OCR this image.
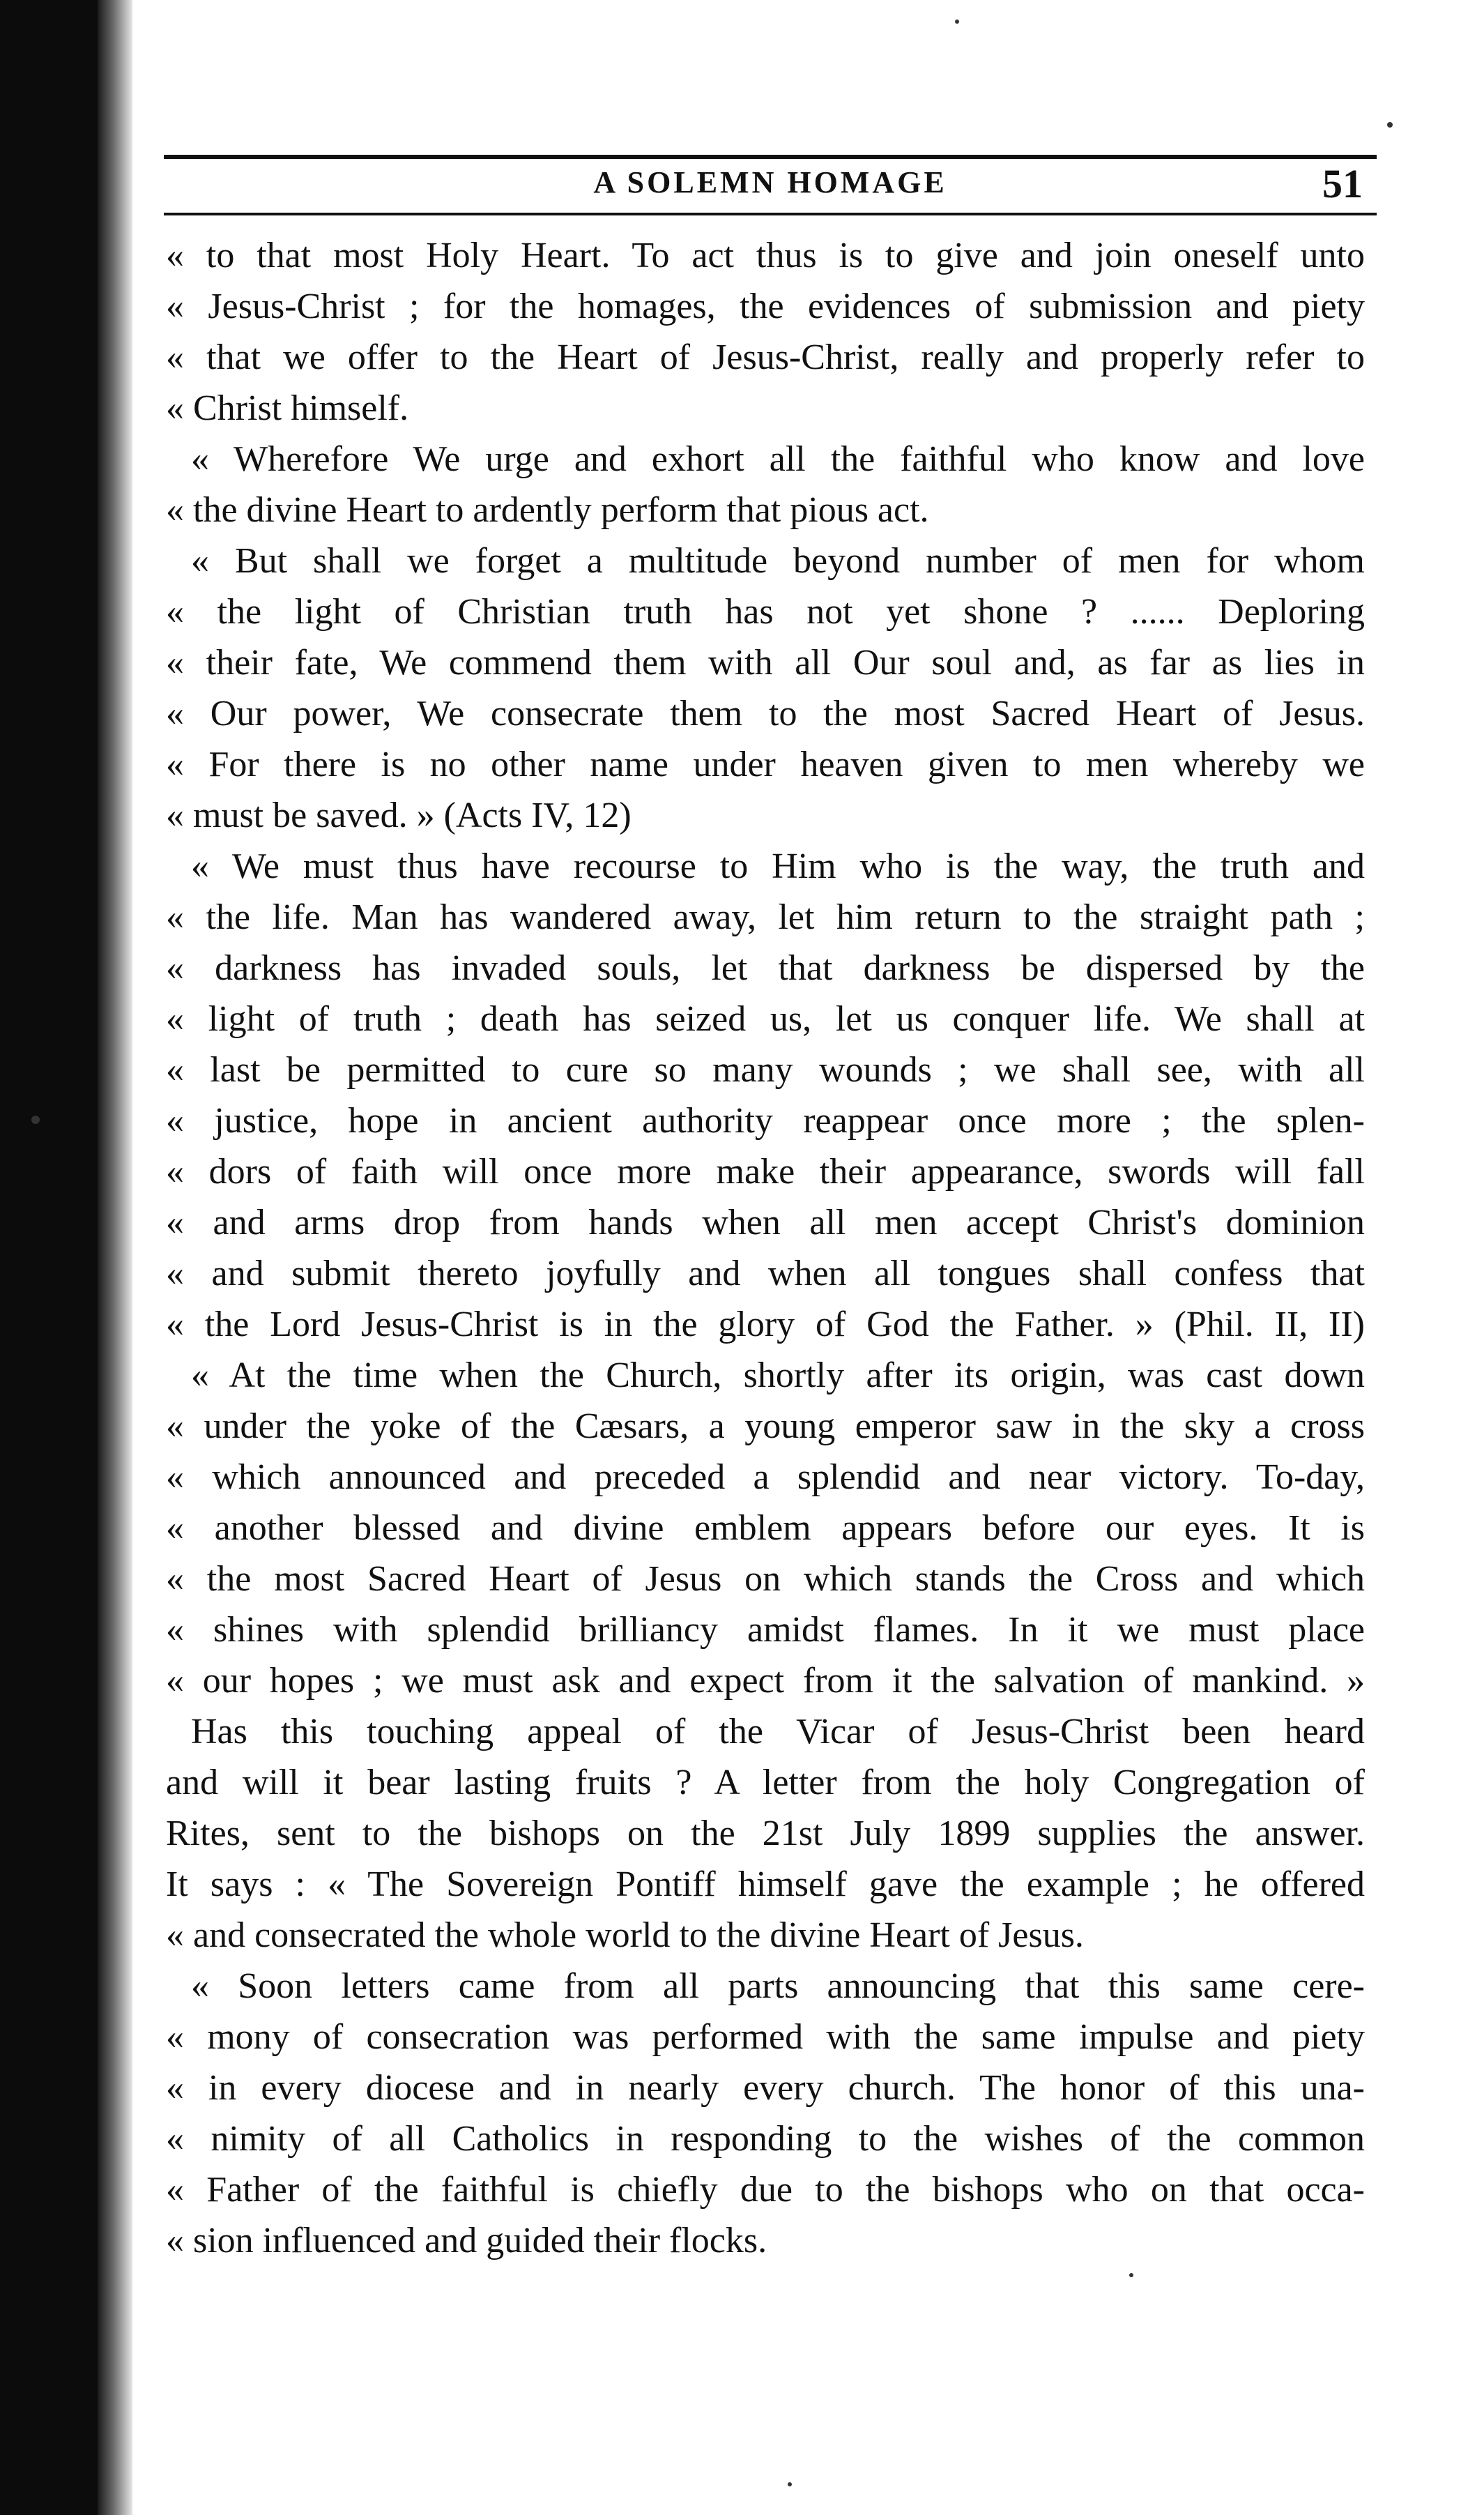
A SOLEMN HOMAGE	51
« to that most Holy Heart. To act thus is to give and join oneself unto
« Jesus-Christ ; for the homages, the evidences of submission and piety
« that we offer to the Heart of Jesus-Christ, really and properly refer to
« Christ himself.
« Wherefore We urge and exhort all the faithful who know and love
« the divine Heart to ardently perform that pious act.
« But shall we forget a multitude beyond number of men for whom
« the light of Christian truth has not yet shone ? ...... Deploring
« their fate, We commend them with all Our soul and, as far as lies in
« Our power, We consecrate them to the most Sacred Heart of Jesus.
« For there is no other name under heaven given to men whereby we
« must be saved. » (Acts IV, 12)
« We must thus have recourse to Him who is the way, the truth and
« the life. Man has wandered away, let him return to the straight path ;
« darkness has invaded souls, let that darkness be dispersed by the
« light of truth ; death has seized us, let us conquer life. We shall at
« last be permitted to cure so many wounds ; we shall see, with all
« justice, hope in ancient authority reappear once more ; the splen-
« dors of faith will once more make their appearance, swords will fall
« and arms drop from hands when all men accept Christ's dominion
« and submit thereto joyfully and when all tongues shall confess that
« the Lord Jesus-Christ is in the glory of God the Father. » (Phil. II, II)
« At the time when the Church, shortly after its origin, was cast down
« under the yoke of the Cæsars, a young emperor saw in the sky a cross
« which announced and preceded a splendid and near victory. To-day,
« another blessed and divine emblem appears before our eyes. It is
« the most Sacred Heart of Jesus on which stands the Cross and which
« shines with splendid brilliancy amidst flames. In it we must place
« our hopes ; we must ask and expect from it the salvation of mankind. »
Has this touching appeal of the Vicar of Jesus-Christ been heard
and will it bear lasting fruits ? A letter from the holy Congregation of
Rites, sent to the bishops on the 21st July 1899 supplies the answer.
It says : « The Sovereign Pontiff himself gave the example ; he offered
« and consecrated the whole world to the divine Heart of Jesus.
« Soon letters came from all parts announcing that this same cere-
« mony of consecration was performed with the same impulse and piety
« in every diocese and in nearly every church. The honor of this una-
« nimity of all Catholics in responding to the wishes of the common
« Father of the faithful is chiefly due to the bishops who on that occa-
« sion influenced and guided their flocks.
